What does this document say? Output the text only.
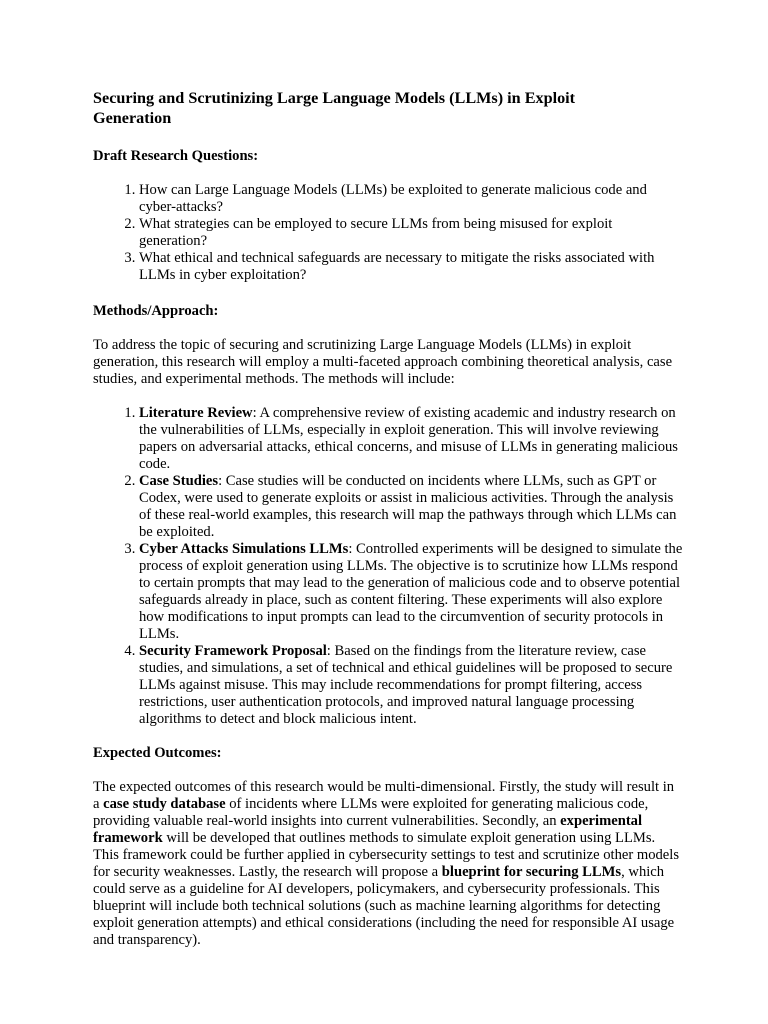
Securing and Scrutinizing Large Language Models (LLMs) in Exploit Generation
Draft Research Questions:
1. How can Large Language Models (LLMs) be exploited to generate malicious code and cyber-attacks?
2. What strategies can be employed to secure LLMs from being misused for exploit generation?
3. What ethical and technical safeguards are necessary to mitigate the risks associated with LLMs in cyber exploitation?
Methods/Approach:

To address the topic of securing and scrutinizing Large Language Models (LLMs) in exploit generation, this research will employ a multi-faceted approach combining theoretical analysis, case studies, and experimental methods. The methods will include:

1. Literature Review: A comprehensive review of existing academic and industry research on the vulnerabilities of LLMs, especially in exploit generation. This will involve reviewing papers on adversarial attacks, ethical concerns, and misuse of LLMs in generating malicious code.
2. Case Studies: Case studies will be conducted on incidents where LLMs, such as GPT or Codex, were used to generate exploits or assist in malicious activities. Through the analysis of these real-world examples, this research will map the pathways through which LLMs can be exploited.
3. Cyber Attacks Simulations LLMs: Controlled experiments will be designed to simulate the process of exploit generation using LLMs. The objective is to scrutinize how LLMs respond to certain prompts that may lead to the generation of malicious code and to observe potential safeguards already in place, such as content filtering. These experiments will also explore how modifications to input prompts can lead to the circumvention of security protocols in LLMs.
4. Security Framework Proposal: Based on the findings from the literature review, case studies, and simulations, a set of technical and ethical guidelines will be proposed to secure LLMs against misuse. This may include recommendations for prompt filtering, access restrictions, user authentication protocols, and improved natural language processing algorithms to detect and block malicious intent.
Expected Outcomes:

The expected outcomes of this research would be multi-dimensional. Firstly, the study will result in a case study database of incidents where LLMs were exploited for generating malicious code, providing valuable real-world insights into current vulnerabilities. Secondly, an experimental framework will be developed that outlines methods to simulate exploit generation using LLMs. This framework could be further applied in cybersecurity settings to test and scrutinize other models for security weaknesses. Lastly, the research will propose a blueprint for securing LLMs, which could serve as a guideline for AI developers, policymakers, and cybersecurity professionals. This blueprint will include both technical solutions (such as machine learning algorithms for detecting exploit generation attempts) and ethical considerations (including the need for responsible AI usage and transparency).
